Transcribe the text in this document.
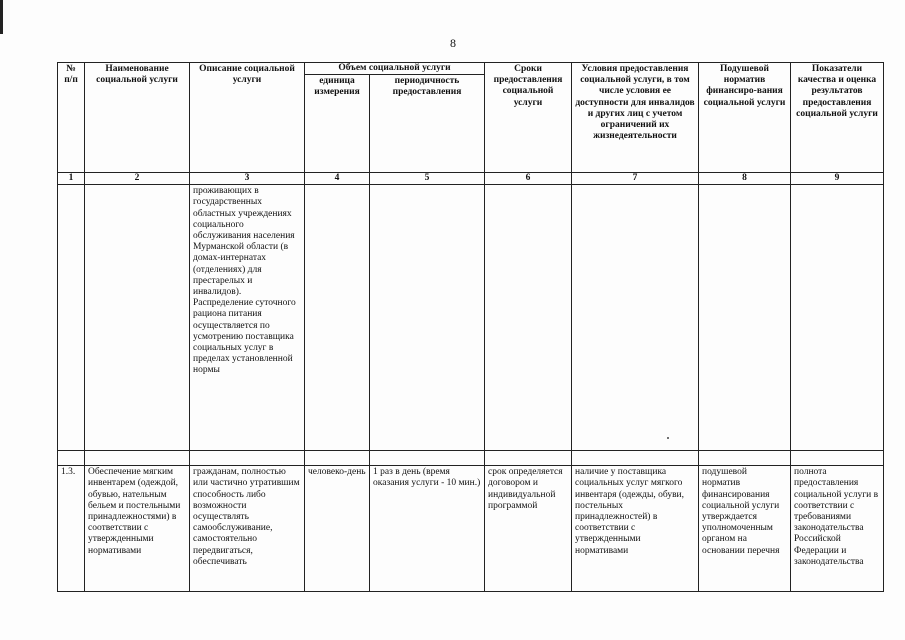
8
№ п/п	Наименование социальной услуги	Описание социальной услуги	Объем социальной услуги		Сроки предоставления социальной услуги	Условия предоставления социальной услуги, в том числе условия ее доступности для инвалидов и других лиц с учетом ограничений их жизнедеятельности	Подушевой норматив финансиро-вания социальной услуги	Показатели качества и оценка результатов предоставления социальной услуги
			единица измерения	периодичность предоставления				
1	2	3	4	5	6	7	8	9
		проживающих в государственных областных учреждениях социального обслуживания населения Мурманской области (в домах-интернатах (отделениях) для престарелых и инвалидов). Распределение суточного рациона питания осуществляется по усмотрению поставщика социальных услуг в пределах установленной нормы						

1.3.	Обеспечение мягким инвентарем (одеждой, обувью, нательным бельем и постельными принадлежностями) в соответствии с утвержденными нормативами	гражданам, полностью или частично утратившим способность либо возможности осуществлять самообслуживание, самостоятельно передвигаться, обеспечивать	человеко-день	1 раз в день (время оказания услуги - 10 мин.)	срок определяется договором и индивидуальной программой	наличие у поставщика социальных услуг мягкого инвентаря (одежды, обуви, постельных принадлежностей) в соответствии с утвержденными нормативами	подушевой норматив финансирования социальной услуги утверждается уполномоченным органом на основании перечня	полнота предоставления социальной услуги в соответствии с требованиями законодательства Российской Федерации и законодательства
